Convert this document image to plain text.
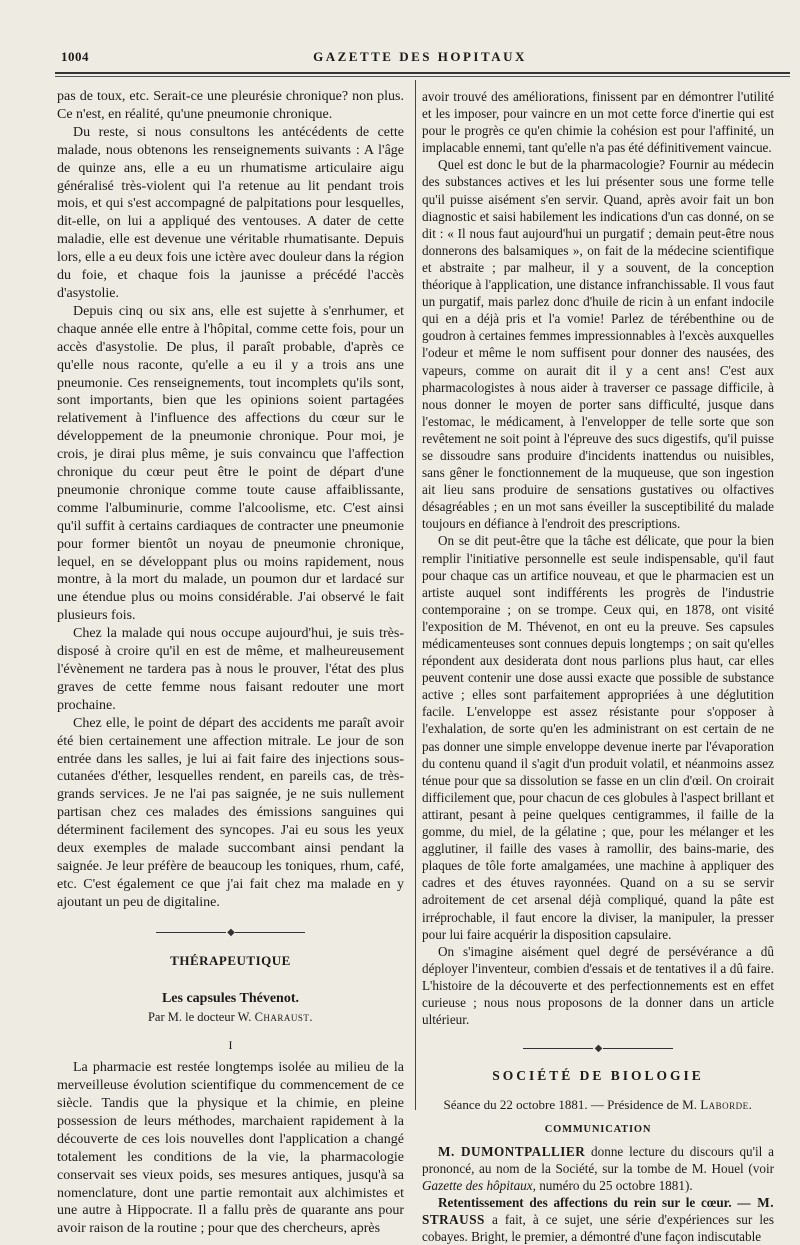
1004	GAZETTE DES HOPITAUX

pas de toux, etc. Serait-ce une pleurésie chronique? non plus. Ce n'est, en réalité, qu'une pneumonie chronique.

Du reste, si nous consultons les antécédents de cette malade, nous obtenons les renseignements suivants : A l'âge de quinze ans, elle a eu un rhumatisme articulaire aigu généralisé très-violent qui l'a retenue au lit pendant trois mois, et qui s'est accompagné de palpitations pour lesquelles, dit-elle, on lui a appliqué des ventouses. A dater de cette maladie, elle est devenue une véritable rhumatisante. Depuis lors, elle a eu deux fois une ictère avec douleur dans la région du foie, et chaque fois la jaunisse a précédé l'accès d'asystolie.

Depuis cinq ou six ans, elle est sujette à s'enrhumer, et chaque année elle entre à l'hôpital, comme cette fois, pour un accès d'asystolie. De plus, il paraît probable, d'après ce qu'elle nous raconte, qu'elle a eu il y a trois ans une pneumonie. Ces renseignements, tout incomplets qu'ils sont, sont importants, bien que les opinions soient partagées relativement à l'influence des affections du cœur sur le développement de la pneumonie chronique. Pour moi, je crois, je dirai plus même, je suis convaincu que l'affection chronique du cœur peut être le point de départ d'une pneumonie chronique comme toute cause affaiblissante, comme l'albuminurie, comme l'alcoolisme, etc. C'est ainsi qu'il suffit à certains cardiaques de contracter une pneumonie pour former bientôt un noyau de pneumonie chronique, lequel, en se développant plus ou moins rapidement, nous montre, à la mort du malade, un poumon dur et lardacé sur une étendue plus ou moins considérable. J'ai observé le fait plusieurs fois.

Chez la malade qui nous occupe aujourd'hui, je suis très-disposé à croire qu'il en est de même, et malheureusement l'évènement ne tardera pas à nous le prouver, l'état des plus graves de cette femme nous faisant redouter une mort prochaine.

Chez elle, le point de départ des accidents me paraît avoir été bien certainement une affection mitrale. Le jour de son entrée dans les salles, je lui ai fait faire des injections sous-cutanées d'éther, lesquelles rendent, en pareils cas, de très-grands services. Je ne l'ai pas saignée, je ne suis nullement partisan chez ces malades des émissions sanguines qui déterminent facilement des syncopes. J'ai eu sous les yeux deux exemples de malade succombant ainsi pendant la saignée. Je leur préfère de beaucoup les toniques, rhum, café, etc. C'est également ce que j'ai fait chez ma malade en y ajoutant un peu de digitaline.

◆
THÉRAPEUTIQUE
Les capsules Thévenot.
Par M. le docteur W. Charaust.
I

La pharmacie est restée longtemps isolée au milieu de la merveilleuse évolution scientifique du commencement de ce siècle. Tandis que la physique et la chimie, en pleine possession de leurs méthodes, marchaient rapidement à la découverte de ces lois nouvelles dont l'application a changé totalement les conditions de la vie, la pharmacologie conservait ses vieux poids, ses mesures antiques, jusqu'à sa nomenclature, dont une partie remontait aux alchimistes et une autre à Hippocrate. Il a fallu près de quarante ans pour avoir raison de la routine ; pour que des chercheurs, après

avoir trouvé des améliorations, finissent par en démontrer l'utilité et les imposer, pour vaincre en un mot cette force d'inertie qui est pour le progrès ce qu'en chimie la cohésion est pour l'affinité, un implacable ennemi, tant qu'elle n'a pas été définitivement vaincue.

Quel est donc le but de la pharmacologie? Fournir au médecin des substances actives et les lui présenter sous une forme telle qu'il puisse aisément s'en servir. Quand, après avoir fait un bon diagnostic et saisi habilement les indications d'un cas donné, on se dit : « Il nous faut aujourd'hui un purgatif ; demain peut-être nous donnerons des balsamiques », on fait de la médecine scientifique et abstraite ; par malheur, il y a souvent, de la conception théorique à l'application, une distance infranchissable. Il vous faut un purgatif, mais parlez donc d'huile de ricin à un enfant indocile qui en a déjà pris et l'a vomie! Parlez de térébenthine ou de goudron à certaines femmes impressionnables à l'excès auxquelles l'odeur et même le nom suffisent pour donner des nausées, des vapeurs, comme on aurait dit il y a cent ans! C'est aux pharmacologistes à nous aider à traverser ce passage difficile, à nous donner le moyen de porter sans difficulté, jusque dans l'estomac, le médicament, à l'envelopper de telle sorte que son revêtement ne soit point à l'épreuve des sucs digestifs, qu'il puisse se dissoudre sans produire d'incidents inattendus ou nuisibles, sans gêner le fonctionnement de la muqueuse, que son ingestion ait lieu sans produire de sensations gustatives ou olfactives désagréables ; en un mot sans éveiller la susceptibilité du malade toujours en défiance à l'endroit des prescriptions.

On se dit peut-être que la tâche est délicate, que pour la bien remplir l'initiative personnelle est seule indispensable, qu'il faut pour chaque cas un artifice nouveau, et que le pharmacien est un artiste auquel sont indifférents les progrès de l'industrie contemporaine ; on se trompe. Ceux qui, en 1878, ont visité l'exposition de M. Thévenot, en ont eu la preuve. Ses capsules médicamenteuses sont connues depuis longtemps ; on sait qu'elles répondent aux desiderata dont nous parlions plus haut, car elles peuvent contenir une dose aussi exacte que possible de substance active ; elles sont parfaitement appropriées à une déglutition facile. L'enveloppe est assez résistante pour s'opposer à l'exhalation, de sorte qu'en les administrant on est certain de ne pas donner une simple enveloppe devenue inerte par l'évaporation du contenu quand il s'agit d'un produit volatil, et néanmoins assez ténue pour que sa dissolution se fasse en un clin d'œil. On croirait difficilement que, pour chacun de ces globules à l'aspect brillant et attirant, pesant à peine quelques centigrammes, il faille de la gomme, du miel, de la gélatine ; que, pour les mélanger et les agglutiner, il faille des vases à ramollir, des bains-marie, des plaques de tôle forte amalgamées, une machine à appliquer des cadres et des étuves rayonnées. Quand on a su se servir adroitement de cet arsenal déjà compliqué, quand la pâte est irréprochable, il faut encore la diviser, la manipuler, la presser pour lui faire acquérir la disposition capsulaire.

On s'imagine aisément quel degré de persévérance a dû déployer l'inventeur, combien d'essais et de tentatives il a dû faire. L'histoire de la découverte et des perfectionnements est en effet curieuse ; nous nous proposons de la donner dans un article ultérieur.

◆
SOCIÉTÉ DE BIOLOGIE
Séance du 22 octobre 1881. — Présidence de M. Laborde.
COMMUNICATION

M. DUMONTPALLIER donne lecture du discours qu'il a prononcé, au nom de la Société, sur la tombe de M. Houel (voir Gazette des hôpitaux, numéro du 25 octobre 1881).

Retentissement des affections du rein sur le cœur. — M. STRAUSS a fait, à ce sujet, une série d'expériences sur les cobayes. Bright, le premier, a démontré d'une façon indiscutable
